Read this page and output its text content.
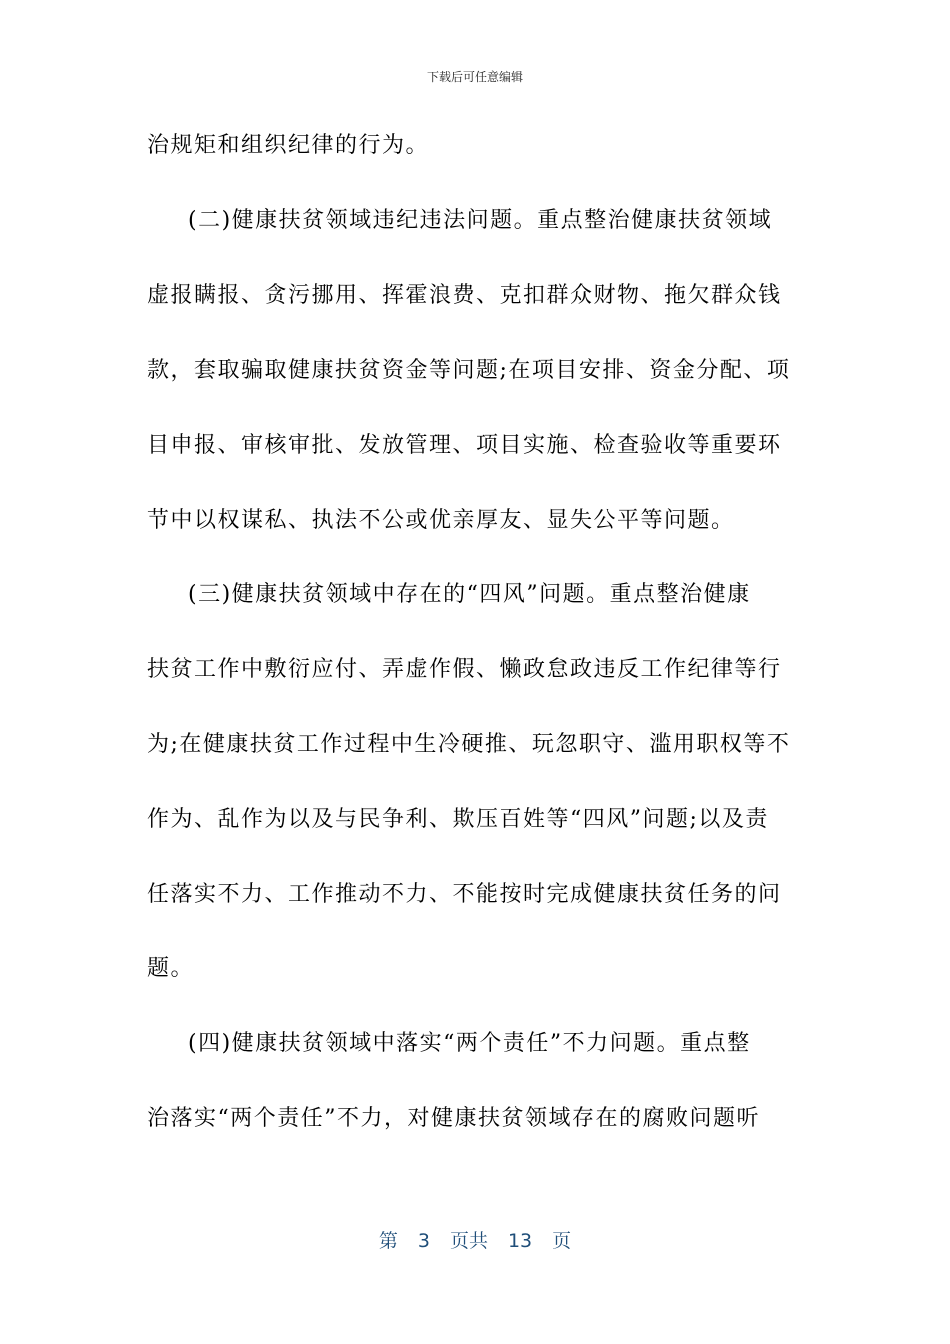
下载后可任意编辑
治规矩和组织纪律的行为。
(二)健康扶贫领域违纪违法问题。重点整治健康扶贫领域
虚报瞒报、贪污挪用、挥霍浪费、克扣群众财物、拖欠群众钱
款，套取骗取健康扶贫资金等问题;在项目安排、资金分配、项
目申报、审核审批、发放管理、项目实施、检查验收等重要环
节中以权谋私、执法不公或优亲厚友、显失公平等问题。
(三)健康扶贫领域中存在的“四风”问题。重点整治健康
扶贫工作中敷衍应付、弄虚作假、懒政怠政违反工作纪律等行
为;在健康扶贫工作过程中生冷硬推、玩忽职守、滥用职权等不
作为、乱作为以及与民争利、欺压百姓等“四风”问题;以及责
任落实不力、工作推动不力、不能按时完成健康扶贫任务的问
题。
(四)健康扶贫领域中落实“两个责任”不力问题。重点整
治落实“两个责任”不力，对健康扶贫领域存在的腐败问题听
第 3 页共 13 页
